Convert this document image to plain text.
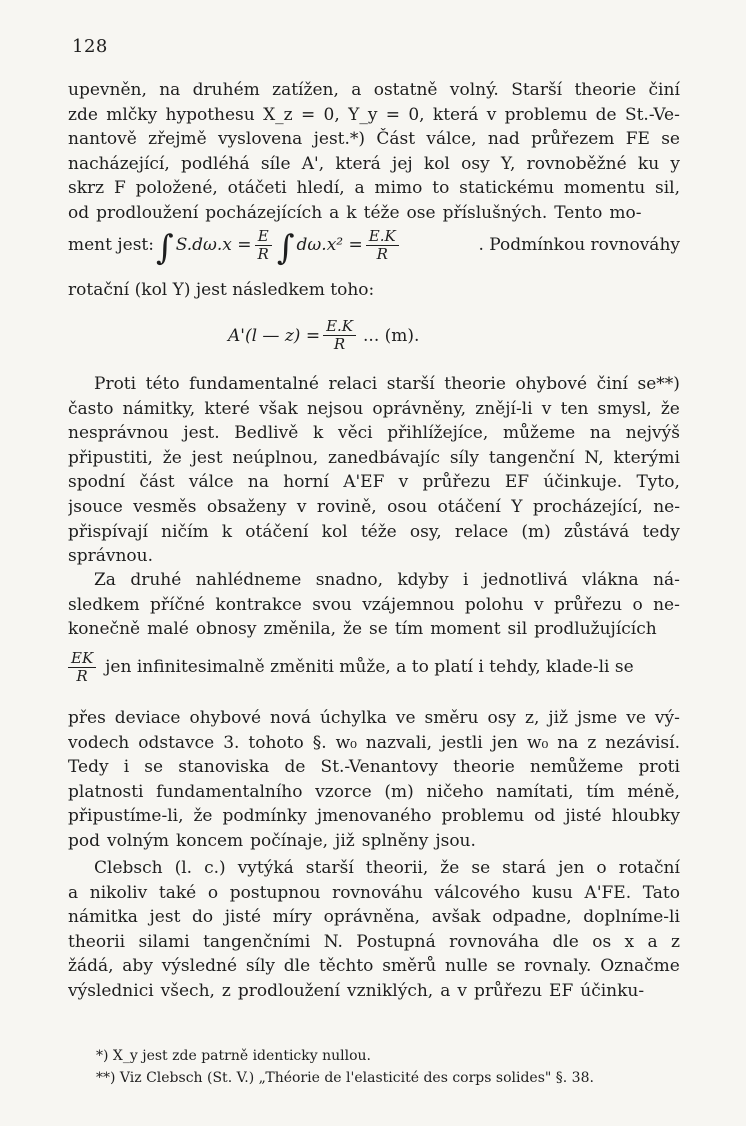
128
upevněn, na druhém zatížen, a ostatně volný. Starší theorie činí
zde mlčky hypothesu X_z = 0, Y_y = 0, která v problemu de St.-Ve-
nantově zřejmě vyslovena jest.*) Část válce, nad průřezem FE se
nacházející, podléhá síle A', která jej kol osy Y, rovnoběžné ku y
skrz F položené, otáčeti hledí, a mimo to statickému momentu sil,
od prodloužení pocházejících a k téže ose příslušných. Tento mo-
ment jest: ∫ $S.d\omega.x = \frac{E}{R}$ ∫ $d\omega.x^2 = \frac{E.K}{R}$	. Podmínkou rovnováhy
rotační (kol Y) jest následkem toho:
A'(l — $z) = \frac{E.K}{R}$ ... (m).
Proti této fundamentalné relaci starší theorie ohybové činí se**)
často námitky, které však nejsou oprávněny, znějí-li v ten smysl, že
nesprávnou jest. Bedlivě k věci přihlížejíce, můžeme na nejvýš
připustiti, že jest neúplnou, zanedbávajíc síly tangenční N, kterými
spodní část válce na horní A'EF v průřezu EF účinkuje. Tyto,
jsouce vesměs obsaženy v rovině, osou otáčení Y procházející, ne-
přispívají ničím k otáčení kol téže osy, relace (m) zůstává tedy
správnou.
Za druhé nahlédneme snadno, kdyby i jednotlivá vlákna ná-
sledkem příčné kontrakce svou vzájemnou polohu v průřezu o ne-
konečně malé obnosy změnila, že se tím moment sil prodlužujících
$\frac{EK}{R}$ jen infinitesimalně změniti může, a to platí i tehdy, klade-li se
přes deviace ohybové nová úchylka ve směru osy z, již jsme ve vý-
vodech odstavce 3. tohoto §. w₀ nazvali, jestli jen w₀ na z nezávisí.
Tedy i se stanoviska de St.-Venantovy theorie nemůžeme proti
platnosti fundamentalního vzorce (m) ničeho namítati, tím méně,
připustíme-li, že podmínky jmenovaného problemu od jisté hloubky
pod volným koncem počínaje, již splněny jsou.
Clebsch (l. c.) vytýká starší theorii, že se stará jen o rotační
a nikoliv také o postupnou rovnováhu válcového kusu A'FE. Tato
námitka jest do jisté míry oprávněna, avšak odpadne, doplníme-li
theorii silami tangenčními N. Postupná rovnováha dle os x a z
žádá, aby výsledné síly dle těchto směrů nulle se rovnaly. Označme
výslednici všech, z prodloužení vzniklých, a v průřezu EF účinku-
*) X_y jest zde patrně identicky nullou.
**) Viz Clebsch (St. V.) „Théorie de l'elasticité des corps solides" §. 38.
